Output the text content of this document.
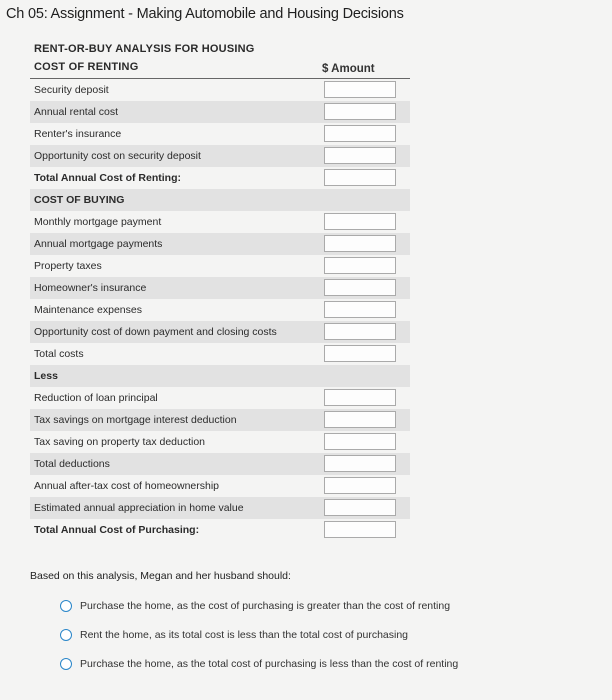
Ch 05: Assignment - Making Automobile and Housing Decisions
RENT-OR-BUY ANALYSIS FOR HOUSING
COST OF RENTING	$ Amount
Security deposit
Annual rental cost
Renter's insurance
Opportunity cost on security deposit
Total Annual Cost of Renting:
COST OF BUYING
Monthly mortgage payment
Annual mortgage payments
Property taxes
Homeowner's insurance
Maintenance expenses
Opportunity cost of down payment and closing costs
Total costs
Less
Reduction of loan principal
Tax savings on mortgage interest deduction
Tax saving on property tax deduction
Total deductions
Annual after-tax cost of homeownership
Estimated annual appreciation in home value
Total Annual Cost of Purchasing:
Based on this analysis, Megan and her husband should:
Purchase the home, as the cost of purchasing is greater than the cost of renting
Rent the home, as its total cost is less than the total cost of purchasing
Purchase the home, as the total cost of purchasing is less than the cost of renting
